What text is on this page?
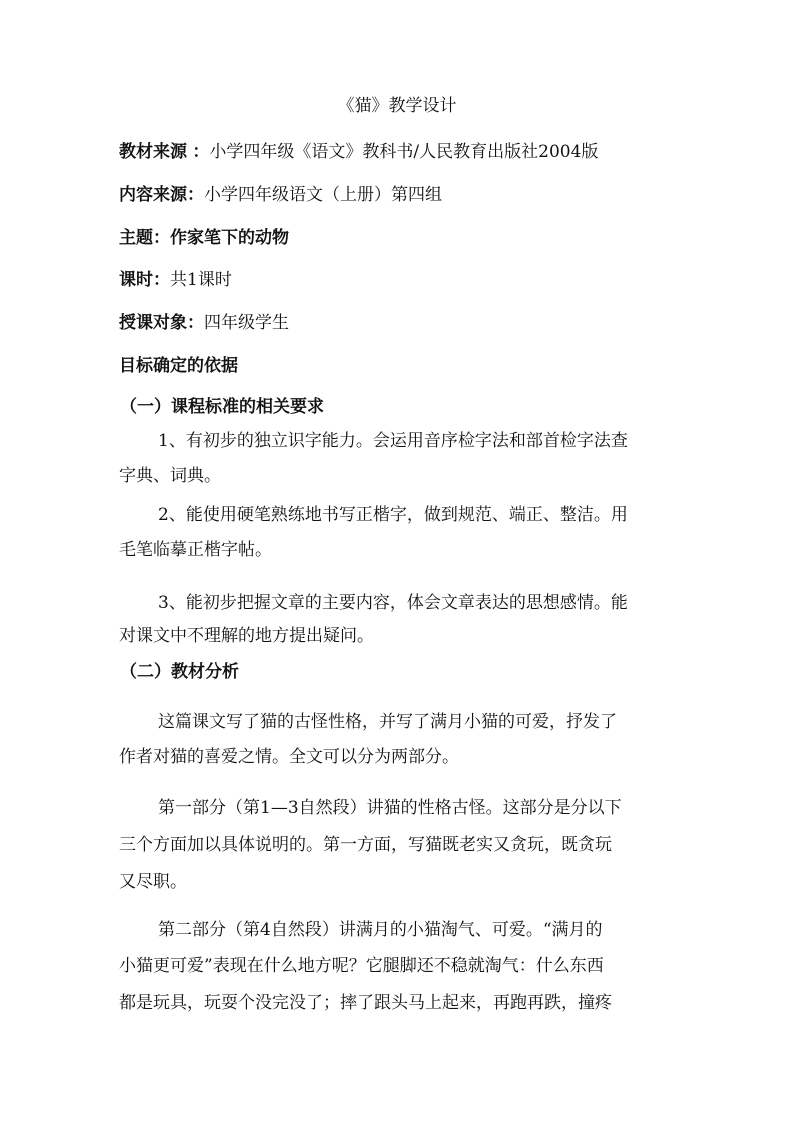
《猫》教学设计
教材来源 ：小学四年级《语文》教科书/人民教育出版社2004版
内容来源：小学四年级语文（上册）第四组
主题：作家笔下的动物
课时：共1课时
授课对象：四年级学生
目标确定的依据
（一）课程标准的相关要求
1、有初步的独立识字能力。会运用音序检字法和部首检字法查
字典、词典。
2、能使用硬笔熟练地书写正楷字，做到规范、端正、整洁。用
毛笔临摹正楷字帖。
3、能初步把握文章的主要内容，体会文章表达的思想感情。能
对课文中不理解的地方提出疑问。
（二）教材分析
这篇课文写了猫的古怪性格，并写了满月小猫的可爱，抒发了
作者对猫的喜爱之情。全文可以分为两部分。
第一部分（第1—3自然段）讲猫的性格古怪。这部分是分以下
三个方面加以具体说明的。第一方面，写猫既老实又贪玩，既贪玩
又尽职。
第二部分（第4自然段）讲满月的小猫淘气、可爱。“满月的
小猫更可爱”表现在什么地方呢？它腿脚还不稳就淘气：什么东西
都是玩具，玩耍个没完没了；摔了跟头马上起来，再跑再跌，撞疼
